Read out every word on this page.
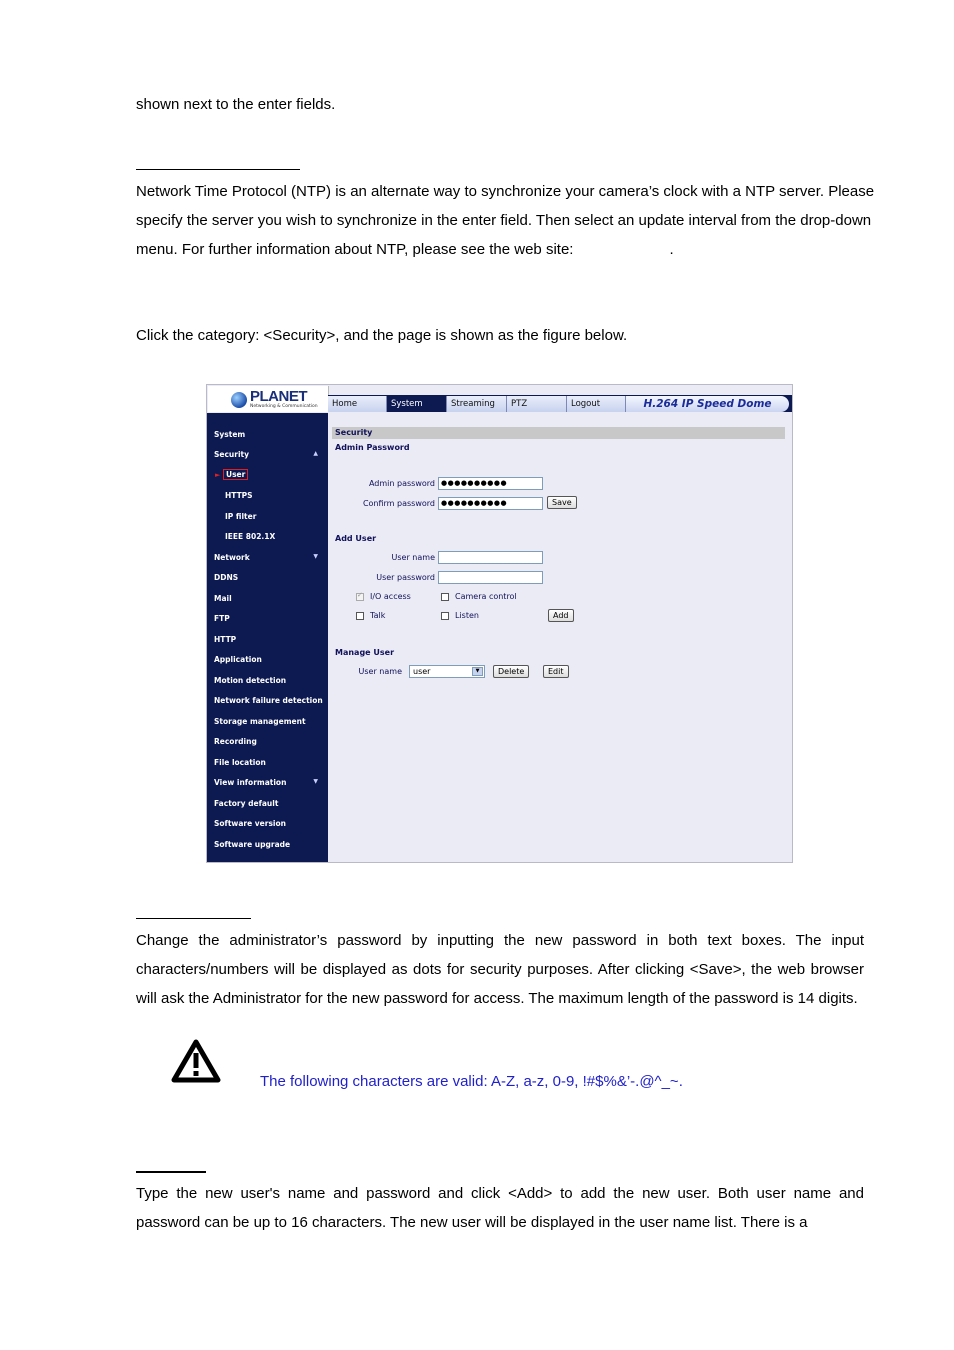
shown next to the enter fields.

Network Time Protocol (NTP) is an alternate way to synchronize your camera’s clock with a NTP server. Please specify the server you wish to synchronize in the enter field. Then select an update interval from the drop-down menu. For further information about NTP, please see the web site:	.

Click the category: <Security>, and the page is shown as the figure below.

PLANET
Networking & Communication	Home	System	Streaming	PTZ	Logout	H.264 IP Speed Dome
System
Security	▲
► User
HTTPS
IP filter
IEEE 802.1X
Network	▼
DDNS
Mail
FTP
HTTP
Application
Motion detection
Network failure detection
Storage management
Recording
File location
View information	▼
Factory default
Software version
Software upgrade
Security
Admin Password
Admin password ●●●●●●●●●●
Confirm password ●●●●●●●●●●	Save
Add User
User name
User password
✓
I/O access	Camera control
Talk	Listen	Add
Manage User
User name	user	▼	Delete	Edit

Change the administrator’s password by inputting the new password in both text boxes. The input characters/numbers will be displayed as dots for security purposes. After clicking <Save>, the web browser will ask the Administrator for the new password for access. The maximum length of the password is 14 digits.

The following characters are valid: A-Z, a-z, 0-9, !#$%&’-.@^_~.

Type the new user's name and password and click <Add> to add the new user. Both user name and password can be up to 16 characters. The new user will be displayed in the user name list. There is a
